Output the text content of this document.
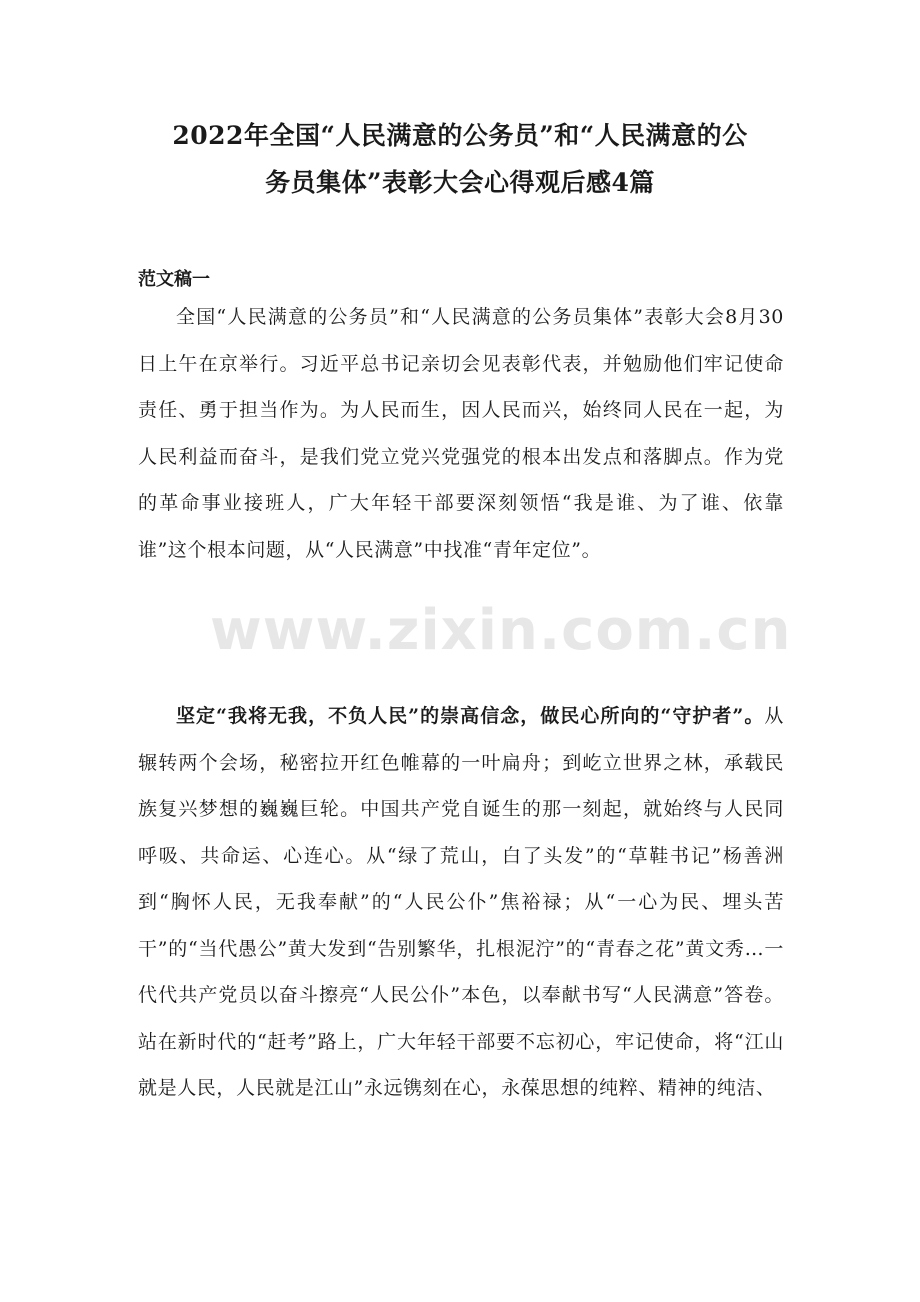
2022年全国“人民满意的公务员”和“人民满意的公
务员集体”表彰大会心得观后感4篇
范文稿一

全国“人民满意的公务员”和“人民满意的公务员集体”表彰大会8月30日上午在京举行。习近平总书记亲切会见表彰代表，并勉励他们牢记使命责任、勇于担当作为。为人民而生，因人民而兴，始终同人民在一起，为人民利益而奋斗，是我们党立党兴党强党的根本出发点和落脚点。作为党的革命事业接班人，广大年轻干部要深刻领悟“我是谁、为了谁、依靠谁”这个根本问题，从“人民满意”中找准“青年定位”。

坚定“我将无我，不负人民”的崇高信念，做民心所向的“守护者”。从辗转两个会场，秘密拉开红色帷幕的一叶扁舟；到屹立世界之林，承载民族复兴梦想的巍巍巨轮。中国共产党自诞生的那一刻起，就始终与人民同呼吸、共命运、心连心。从“绿了荒山，白了头发”的“草鞋书记”杨善洲到“胸怀人民，无我奉献”的“人民公仆”焦裕禄；从“一心为民、埋头苦干”的“当代愚公”黄大发到“告别繁华，扎根泥泞”的“青春之花”黄文秀…一代代共产党员以奋斗擦亮“人民公仆”本色，以奉献书写“人民满意”答卷。站在新时代的“赶考”路上，广大年轻干部要不忘初心，牢记使命，将“江山就是人民，人民就是江山”永远镌刻在心，永葆思想的纯粹、精神的纯洁、

www.zixin.com.cn
